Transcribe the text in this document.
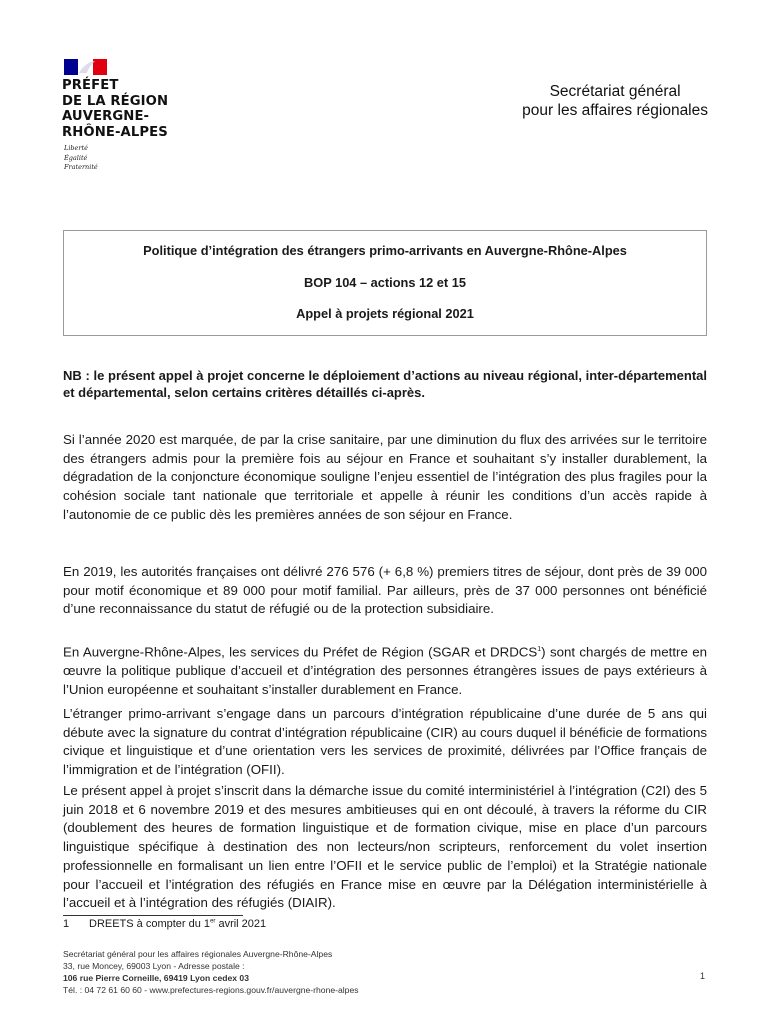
PRÉFET
DE LA RÉGION
AUVERGNE-
RHÔNE-ALPES
Liberté
Égalité
Fraternité
Secrétariat général
pour les affaires régionales
Politique d’intégration des étrangers primo-arrivants en Auvergne-Rhône-Alpes
BOP 104 – actions 12 et 15
Appel à projets régional 2021

NB : le présent appel à projet concerne le déploiement d’actions au niveau régional, inter-départemental et départemental, selon certains critères détaillés ci-après.

Si l’année 2020 est marquée, de par la crise sanitaire, par une diminution du flux des arrivées sur le territoire des étrangers admis pour la première fois au séjour en France et souhaitant s’y installer durablement, la dégradation de la conjoncture économique souligne l’enjeu essentiel de l’intégration des plus fragiles pour la cohésion sociale tant nationale que territoriale et appelle à réunir les conditions d’un accès rapide à l’autonomie de ce public dès les premières années de son séjour en France.

En 2019, les autorités françaises ont délivré 276 576 (+ 6,8 %) premiers titres de séjour, dont près de 39 000 pour motif économique et 89 000 pour motif familial. Par ailleurs, près de 37 000 personnes ont bénéficié d’une reconnaissance du statut de réfugié ou de la protection subsidiaire.

En Auvergne-Rhône-Alpes, les services du Préfet de Région (SGAR et DRDCS$^1$) sont chargés de mettre en œuvre la politique publique d’accueil et d’intégration des personnes étrangères issues de pays extérieurs à l’Union européenne et souhaitant s’installer durablement en France.

L’étranger primo-arrivant s’engage dans un parcours d’intégration républicaine d’une durée de 5 ans qui débute avec la signature du contrat d’intégration républicaine (CIR) au cours duquel il bénéficie de formations civique et linguistique et d’une orientation vers les services de proximité, délivrées par l’Office français de l’immigration et de l’intégration (OFII).

Le présent appel à projet s’inscrit dans la démarche issue du comité interministériel à l’intégration (C2I) des 5 juin 2018 et 6 novembre 2019 et des mesures ambitieuses qui en ont découlé, à travers la réforme du CIR (doublement des heures de formation linguistique et de formation civique, mise en place d’un parcours linguistique spécifique à destination des non lecteurs/non scripteurs, renforcement du volet insertion professionnelle en formalisant un lien entre l’OFII et le service public de l’emploi) et la Stratégie nationale pour l’accueil et l’intégration des réfugiés en France mise en œuvre par la Délégation interministérielle à l’accueil et à l’intégration des réfugiés (DIAIR).

1 DREETS à compter du 1er avril 2021
Secrétariat général pour les affaires régionales Auvergne-Rhône-Alpes
33, rue Moncey, 69003 Lyon - Adresse postale :
106 rue Pierre Corneille, 69419 Lyon cedex 03
Tél. : 04 72 61 60 60 - www.prefectures-regions.gouv.fr/auvergne-rhone-alpes
1
